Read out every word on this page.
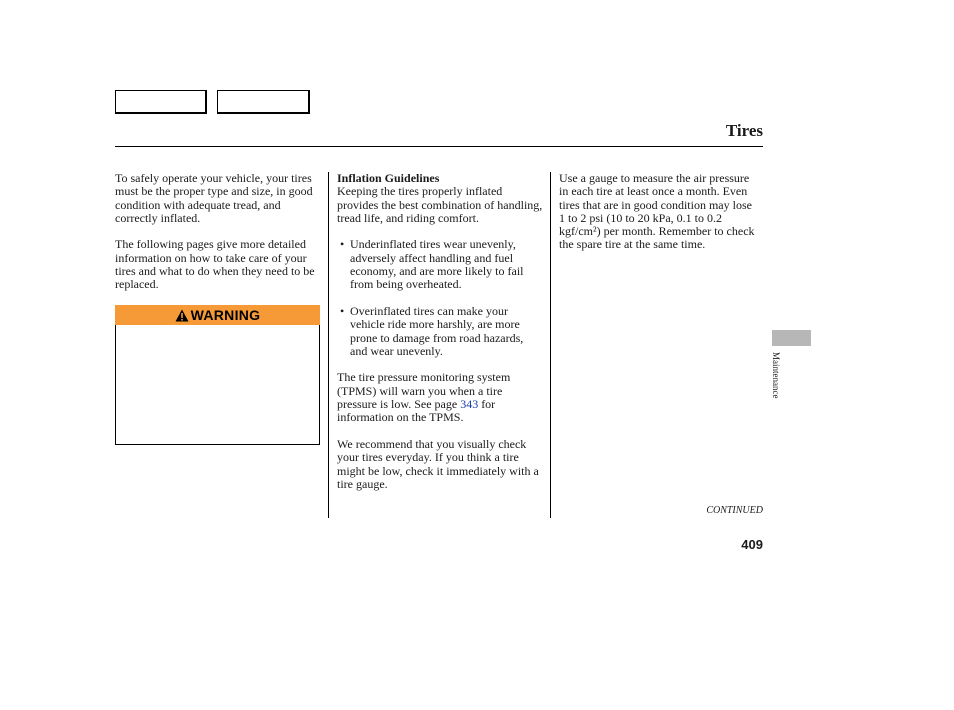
Tires

To safely operate your vehicle, your tires must be the proper type and size, in good condition with adequate tread, and correctly inflated.

The following pages give more detailed information on how to take care of your tires and what to do when they need to be replaced.

WARNING
Inflation Guidelines

Keeping the tires properly inflated provides the best combination of handling, tread life, and riding comfort.

• Underinflated tires wear unevenly, adversely affect handling and fuel economy, and are more likely to fail from being overheated.
• Overinflated tires can make your vehicle ride more harshly, are more prone to damage from road hazards, and wear unevenly.

The tire pressure monitoring system (TPMS) will warn you when a tire pressure is low. See page 343 for information on the TPMS.

We recommend that you visually check your tires everyday. If you think a tire might be low, check it immediately with a tire gauge.

Use a gauge to measure the air pressure in each tire at least once a month. Even tires that are in good condition may lose 1 to 2 psi (10 to 20 kPa, 0.1 to 0.2 kgf/cm²) per month. Remember to check the spare tire at the same time.

Maintenance
CONTINUED
409
